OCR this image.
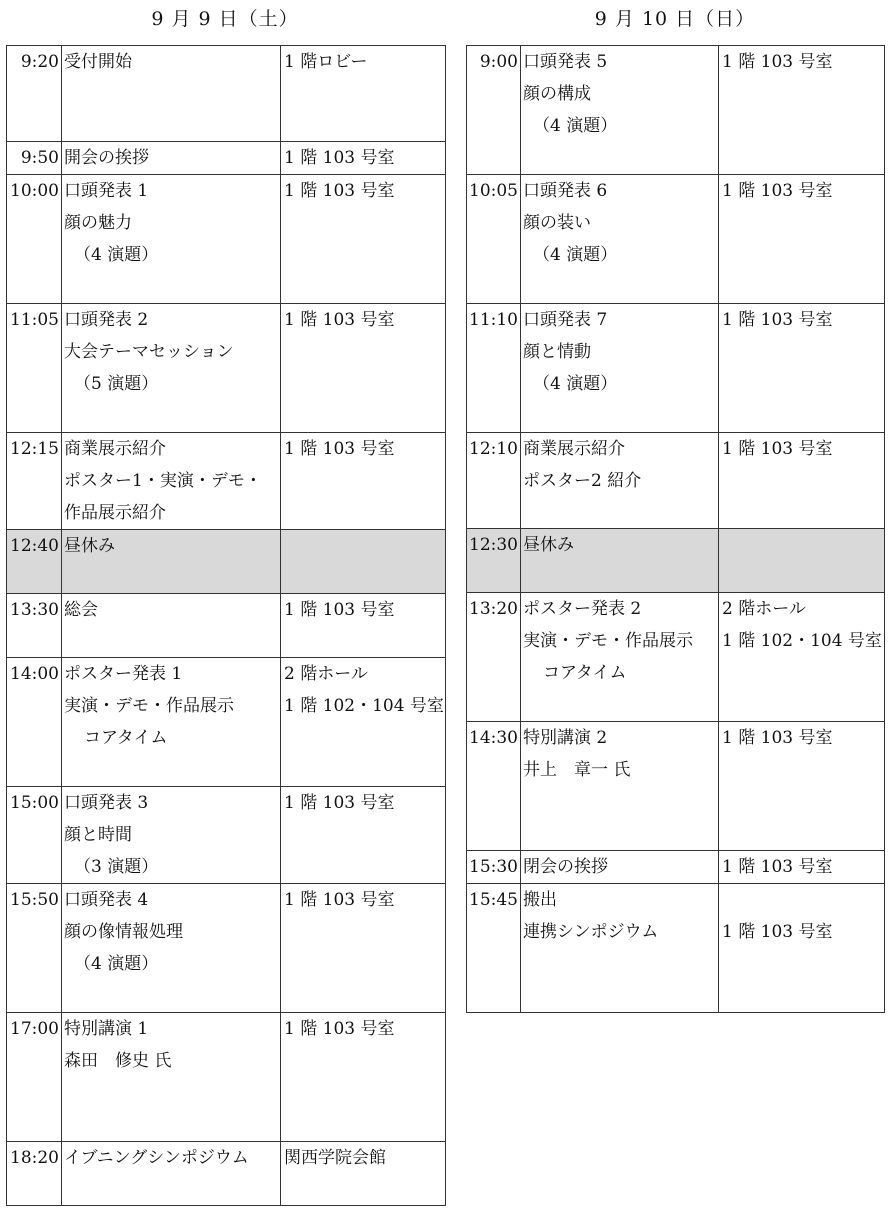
9 月 9 日（土）	9 月 10 日（日）
9:20	受付開始	1 階ロビー

9:50	開会の挨拶	1 階 103 号室

10:00	口頭発表 1
顔の魅力
（4 演題）	1 階 103 号室

11:05	口頭発表 2
大会テーマセッション
（5 演題）	1 階 103 号室

12:15	商業展示紹介
ポスター1・実演・デモ・
作品展示紹介	1 階 103 号室

12:40	昼休み	

13:30	総会	1 階 103 号室

14:00	ポスター発表 1
実演・デモ・作品展示
コアタイム	2 階ホール
1 階 102・104 号室

15:00	口頭発表 3
顔と時間
（3 演題）	1 階 103 号室

15:50	口頭発表 4
顔の像情報処理
（4 演題）	1 階 103 号室

17:00	特別講演 1
森田　修史 氏	1 階 103 号室

18:20	イブニングシンポジウム	関西学院会館
9:00	口頭発表 5
顔の構成
（4 演題）	1 階 103 号室

10:05	口頭発表 6
顔の装い
（4 演題）	1 階 103 号室

11:10	口頭発表 7
顔と情動
（4 演題）	1 階 103 号室

12:10	商業展示紹介
ポスター2 紹介	1 階 103 号室

12:30	昼休み	

13:20	ポスター発表 2
実演・デモ・作品展示
コアタイム	2 階ホール
1 階 102・104 号室

14:30	特別講演 2
井上　章一 氏	1 階 103 号室

15:30	閉会の挨拶	1 階 103 号室

15:45	搬出
連携シンポジウム	1 階 103 号室
